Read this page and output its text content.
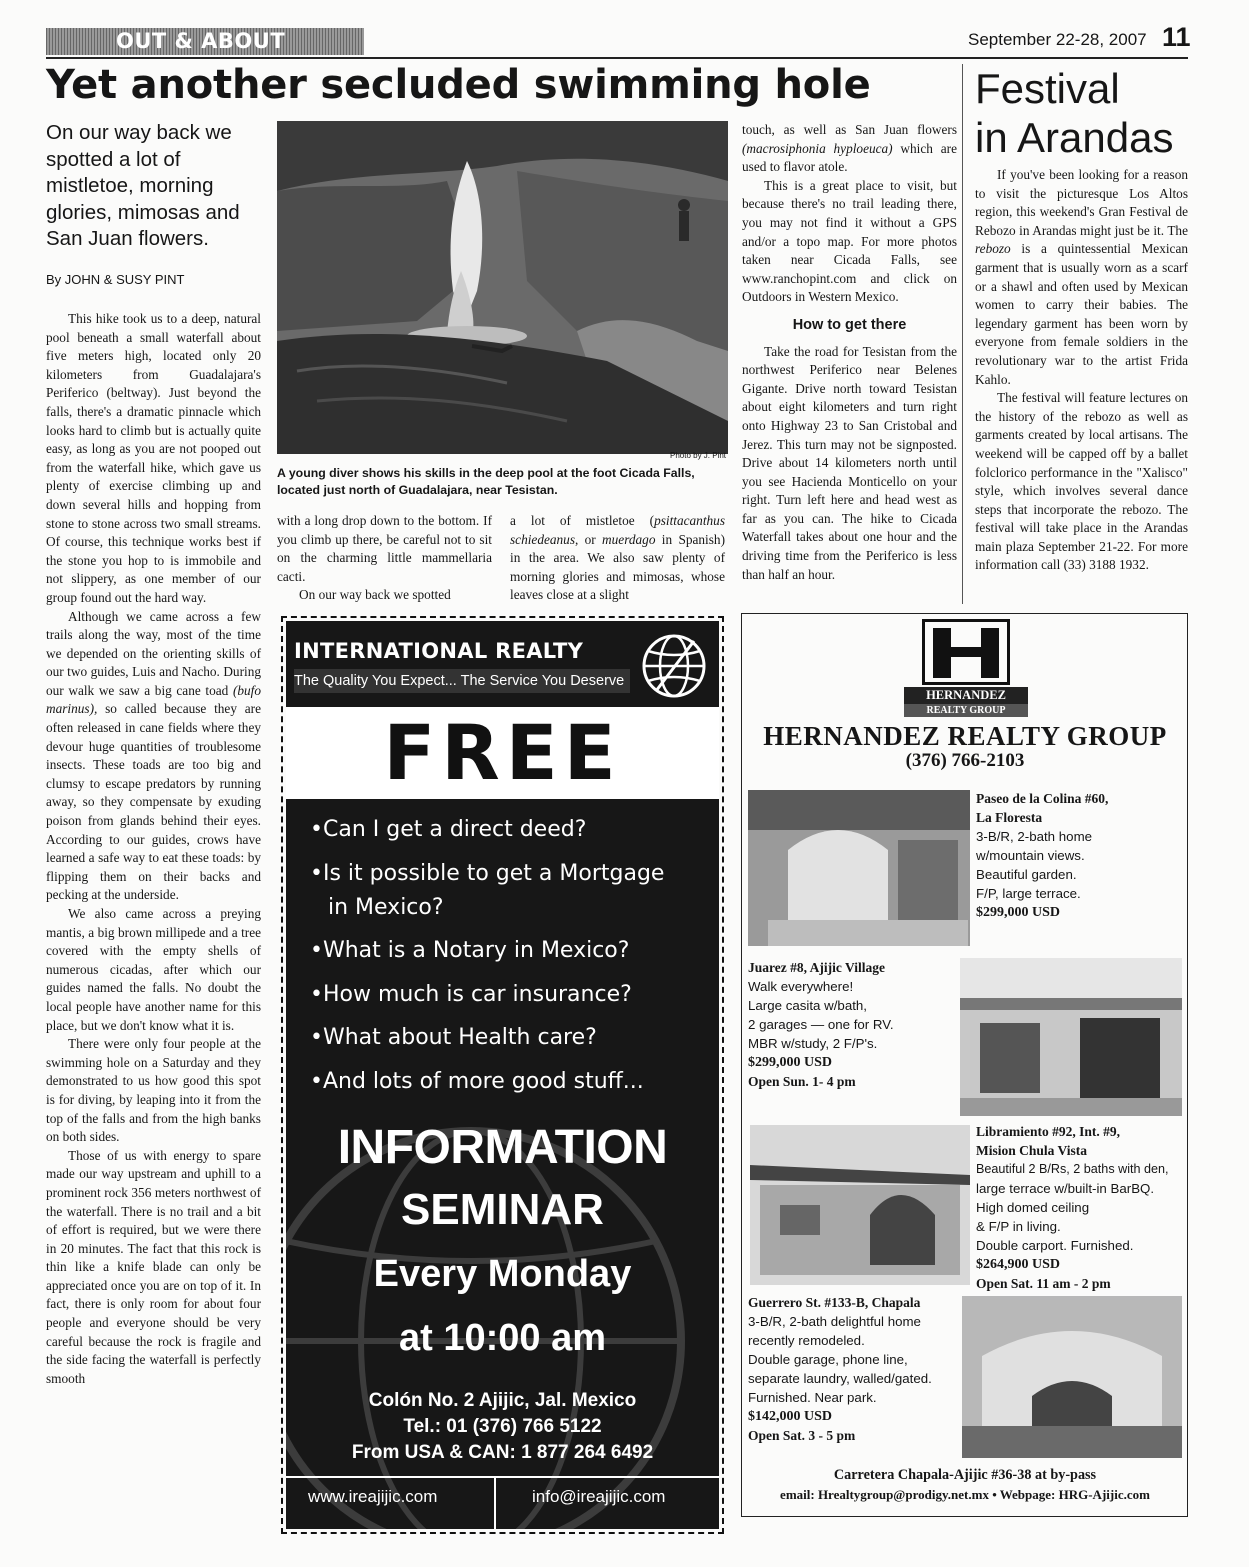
OUT & ABOUT	September 22-28, 2007 11
Yet another secluded swimming hole Festival
in Arandas
On our way back we spotted a lot of mistletoe, morning glories, mimosas and San Juan flowers.
By JOHN & SUSY PINT
Photo by J. Pint
A young diver shows his skills in the deep pool at the foot Cicada Falls, located just north of Guadalajara, near Tesistan.

This hike took us to a deep, natural pool beneath a small waterfall about five meters high, located only 20 kilometers from Guadalajara's Periferico (beltway). Just beyond the falls, there's a dramatic pinnacle which looks hard to climb but is actually quite easy, as long as you are not pooped out from the waterfall hike, which gave us plenty of exercise climbing up and down several hills and hopping from stone to stone across two small streams. Of course, this technique works best if the stone you hop to is immobile and not slippery, as one member of our group found out the hard way.

Although we came across a few trails along the way, most of the time we depended on the orienting skills of our two guides, Luis and Nacho. During our walk we saw a big cane toad (bufo marinus), so called because they are often released in cane fields where they devour huge quantities of troublesome insects. These toads are too big and clumsy to escape predators by running away, so they compensate by exuding poison from glands behind their eyes. According to our guides, crows have learned a safe way to eat these toads: by flipping them on their backs and pecking at the underside.

We also came across a preying mantis, a big brown millipede and a tree covered with the empty shells of numerous cicadas, after which our guides named the falls. No doubt the local people have another name for this place, but we don't know what it is.

There were only four people at the swimming hole on a Saturday and they demonstrated to us how good this spot is for diving, by leaping into it from the top of the falls and from the high banks on both sides.

Those of us with energy to spare made our way upstream and uphill to a prominent rock 356 meters northwest of the waterfall. There is no trail and a bit of effort is required, but we were there in 20 minutes. The fact that this rock is thin like a knife blade can only be appreciated once you are on top of it. In fact, there is only room for about four people and everyone should be very careful because the rock is fragile and the side facing the waterfall is perfectly smooth

with a long drop down to the bottom. If you climb up there, be careful not to sit on the charming little mammellaria cacti.

On our way back we spotted

a lot of mistletoe (psittacanthus schiedeanus, or muerdago in Spanish) in the area. We also saw plenty of morning glories and mimosas, whose leaves close at a slight

touch, as well as San Juan flowers (macrosiphonia hyploeuca) which are used to flavor atole.

This is a great place to visit, but because there's no trail leading there, you may not find it without a GPS and/or a topo map. For more photos taken near Cicada Falls, see www.ranchopint.com and click on Outdoors in Western Mexico.

How to get there

Take the road for Tesistan from the northwest Periferico near Belenes Gigante. Drive north toward Tesistan about eight kilometers and turn right onto Highway 23 to San Cristobal and Jerez. This turn may not be signposted. Drive about 14 kilometers north until you see Hacienda Monticello on your right. Turn left here and head west as far as you can. The hike to Cicada Waterfall takes about one hour and the driving time from the Periferico is less than half an hour.

If you've been looking for a reason to visit the picturesque Los Altos region, this weekend's Gran Festival de Rebozo in Arandas might just be it. The rebozo is a quintessential Mexican garment that is usually worn as a scarf or a shawl and often used by Mexican women to carry their babies. The legendary garment has been worn by everyone from female soldiers in the revolutionary war to the artist Frida Kahlo.

The festival will feature lectures on the history of the rebozo as well as garments created by local artisans. The weekend will be capped off by a ballet folclorico performance in the "Xalisco" style, which involves several dance steps that incorporate the rebozo. The festival will take place in the Arandas main plaza September 21-22. For more information call (33) 3188 1932.

INTERNATIONAL REALTY
The Quality You Expect... The Service You Deserve
FREE
•Can I get a direct deed?
•Is it possible to get a Mortgage
in Mexico?
•What is a Notary in Mexico?
•How much is car insurance?
•What about Health care?
•And lots of more good stuff...
INFORMATION
SEMINAR
Every Monday
at 10:00 am
Colón No. 2 Ajijic, Jal. Mexico
Tel.: 01 (376) 766 5122
From USA & CAN: 1 877 264 6492
www.ireajijic.com	info@ireajijic.com
HERNANDEZ
REALTY GROUP
HERNANDEZ REALTY GROUP
(376) 766-2103
Paseo de la Colina #60,
La Floresta
3-B/R, 2-bath home
w/mountain views.
Beautiful garden.
F/P, large terrace.
$299,000 USD
Juarez #8, Ajijic Village
Walk everywhere!
Large casita w/bath,
2 garages — one for RV.
MBR w/study, 2 F/P's.
$299,000 USD
Open Sun. 1- 4 pm
Libramiento #92, Int. #9,
Mision Chula Vista
Beautiful 2 B/Rs, 2 baths with den,
large terrace w/built-in BarBQ.
High domed ceiling
& F/P in living.
Double carport. Furnished.
$264,900 USD
Open Sat. 11 am - 2 pm
Guerrero St. #133-B, Chapala
3-B/R, 2-bath delightful home
recently remodeled.
Double garage, phone line,
separate laundry, walled/gated.
Furnished. Near park.
$142,000 USD
Open Sat. 3 - 5 pm
Carretera Chapala-Ajijic #36-38 at by-pass
email: Hrealtygroup@prodigy.net.mx • Webpage: HRG-Ajijic.com
